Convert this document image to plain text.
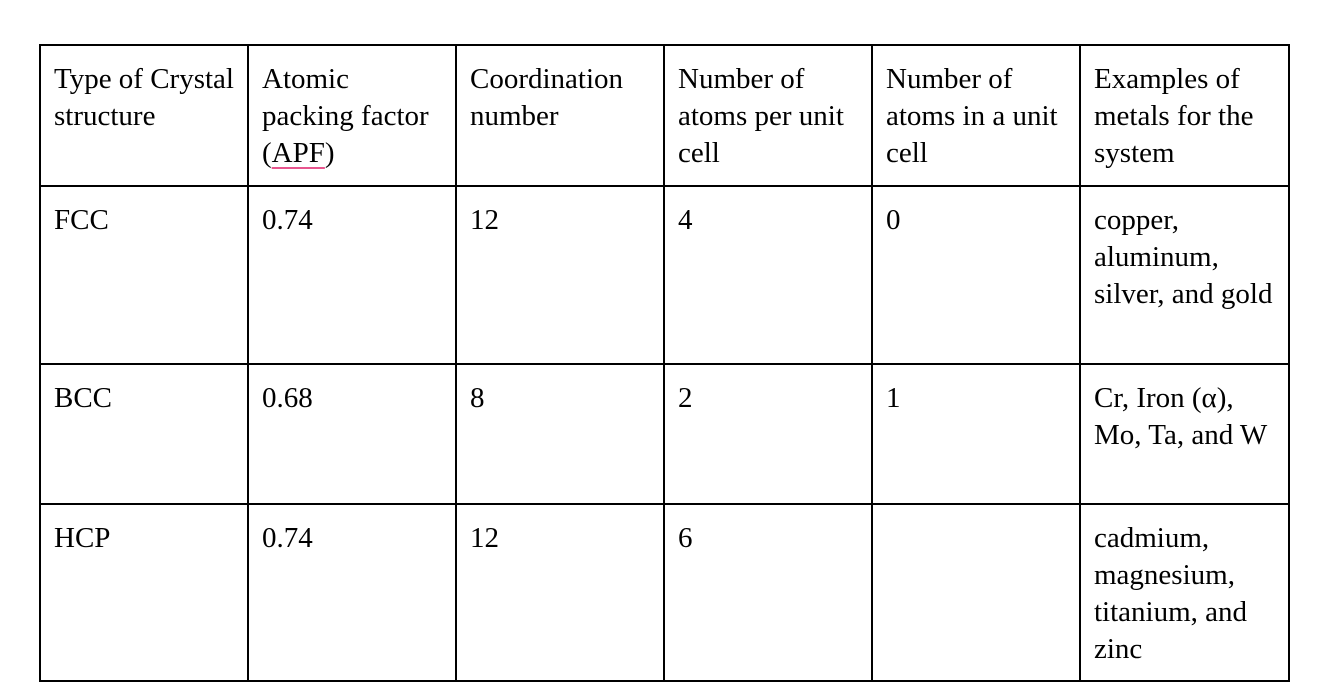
Type of Crystal structure	Atomic packing factor (APF)	Coordination number	Number of atoms per unit cell	Number of atoms in a unit cell	Examples of metals for the system
FCC	0.74	12	4	0	copper, aluminum, silver, and gold
BCC	0.68	8	2	1	Cr, Iron (α), Mo, Ta, and W
HCP	0.74	12	6		cadmium, magnesium, titanium, and zinc
